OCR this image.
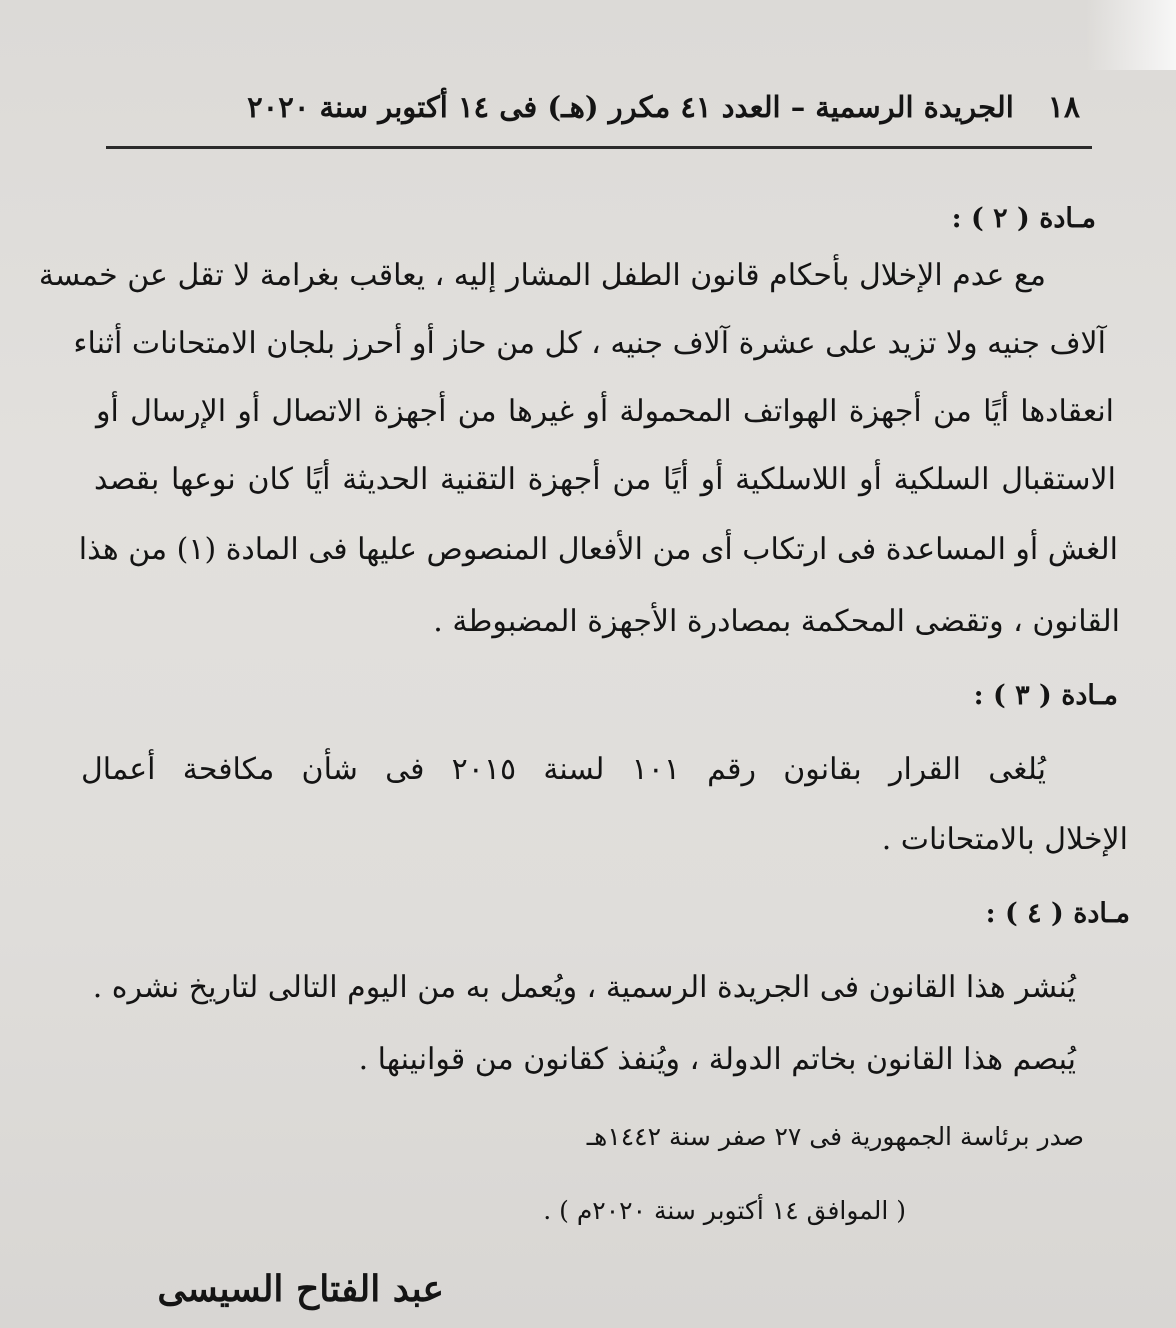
١٨
الجريدة الرسمية – العدد ٤١ مكرر (هـ) فى ١٤ أكتوبر سنة ٢٠٢٠
مـادة ( ٢ ) :
مع عدم الإخلال بأحكام قانون الطفل المشار إليه ، يعاقب بغرامة لا تقل عن خمسة
آلاف جنيه ولا تزيد على عشرة آلاف جنيه ، كل من حاز أو أحرز بلجان الامتحانات أثناء
انعقادها أيًا من أجهزة الهواتف المحمولة أو غيرها من أجهزة الاتصال أو الإرسال أو
الاستقبال السلكية أو اللاسلكية أو أيًا من أجهزة التقنية الحديثة أيًا كان نوعها بقصد
الغش أو المساعدة فى ارتكاب أى من الأفعال المنصوص عليها فى المادة (١) من هذا
القانون ، وتقضى المحكمة بمصادرة الأجهزة المضبوطة .
مـادة ( ٣ ) :
يُلغى القرار بقانون رقم ١٠١ لسنة ٢٠١٥ فى شأن مكافحة أعمال
الإخلال بالامتحانات .
مـادة ( ٤ ) :
يُنشر هذا القانون فى الجريدة الرسمية ، ويُعمل به من اليوم التالى لتاريخ نشره .
يُبصم هذا القانون بخاتم الدولة ، ويُنفذ كقانون من قوانينها .
صدر برئاسة الجمهورية فى ٢٧ صفر سنة ١٤٤٢هـ
( الموافق ١٤ أكتوبر سنة ٢٠٢٠م ) .
عبد الفتاح السيسى
